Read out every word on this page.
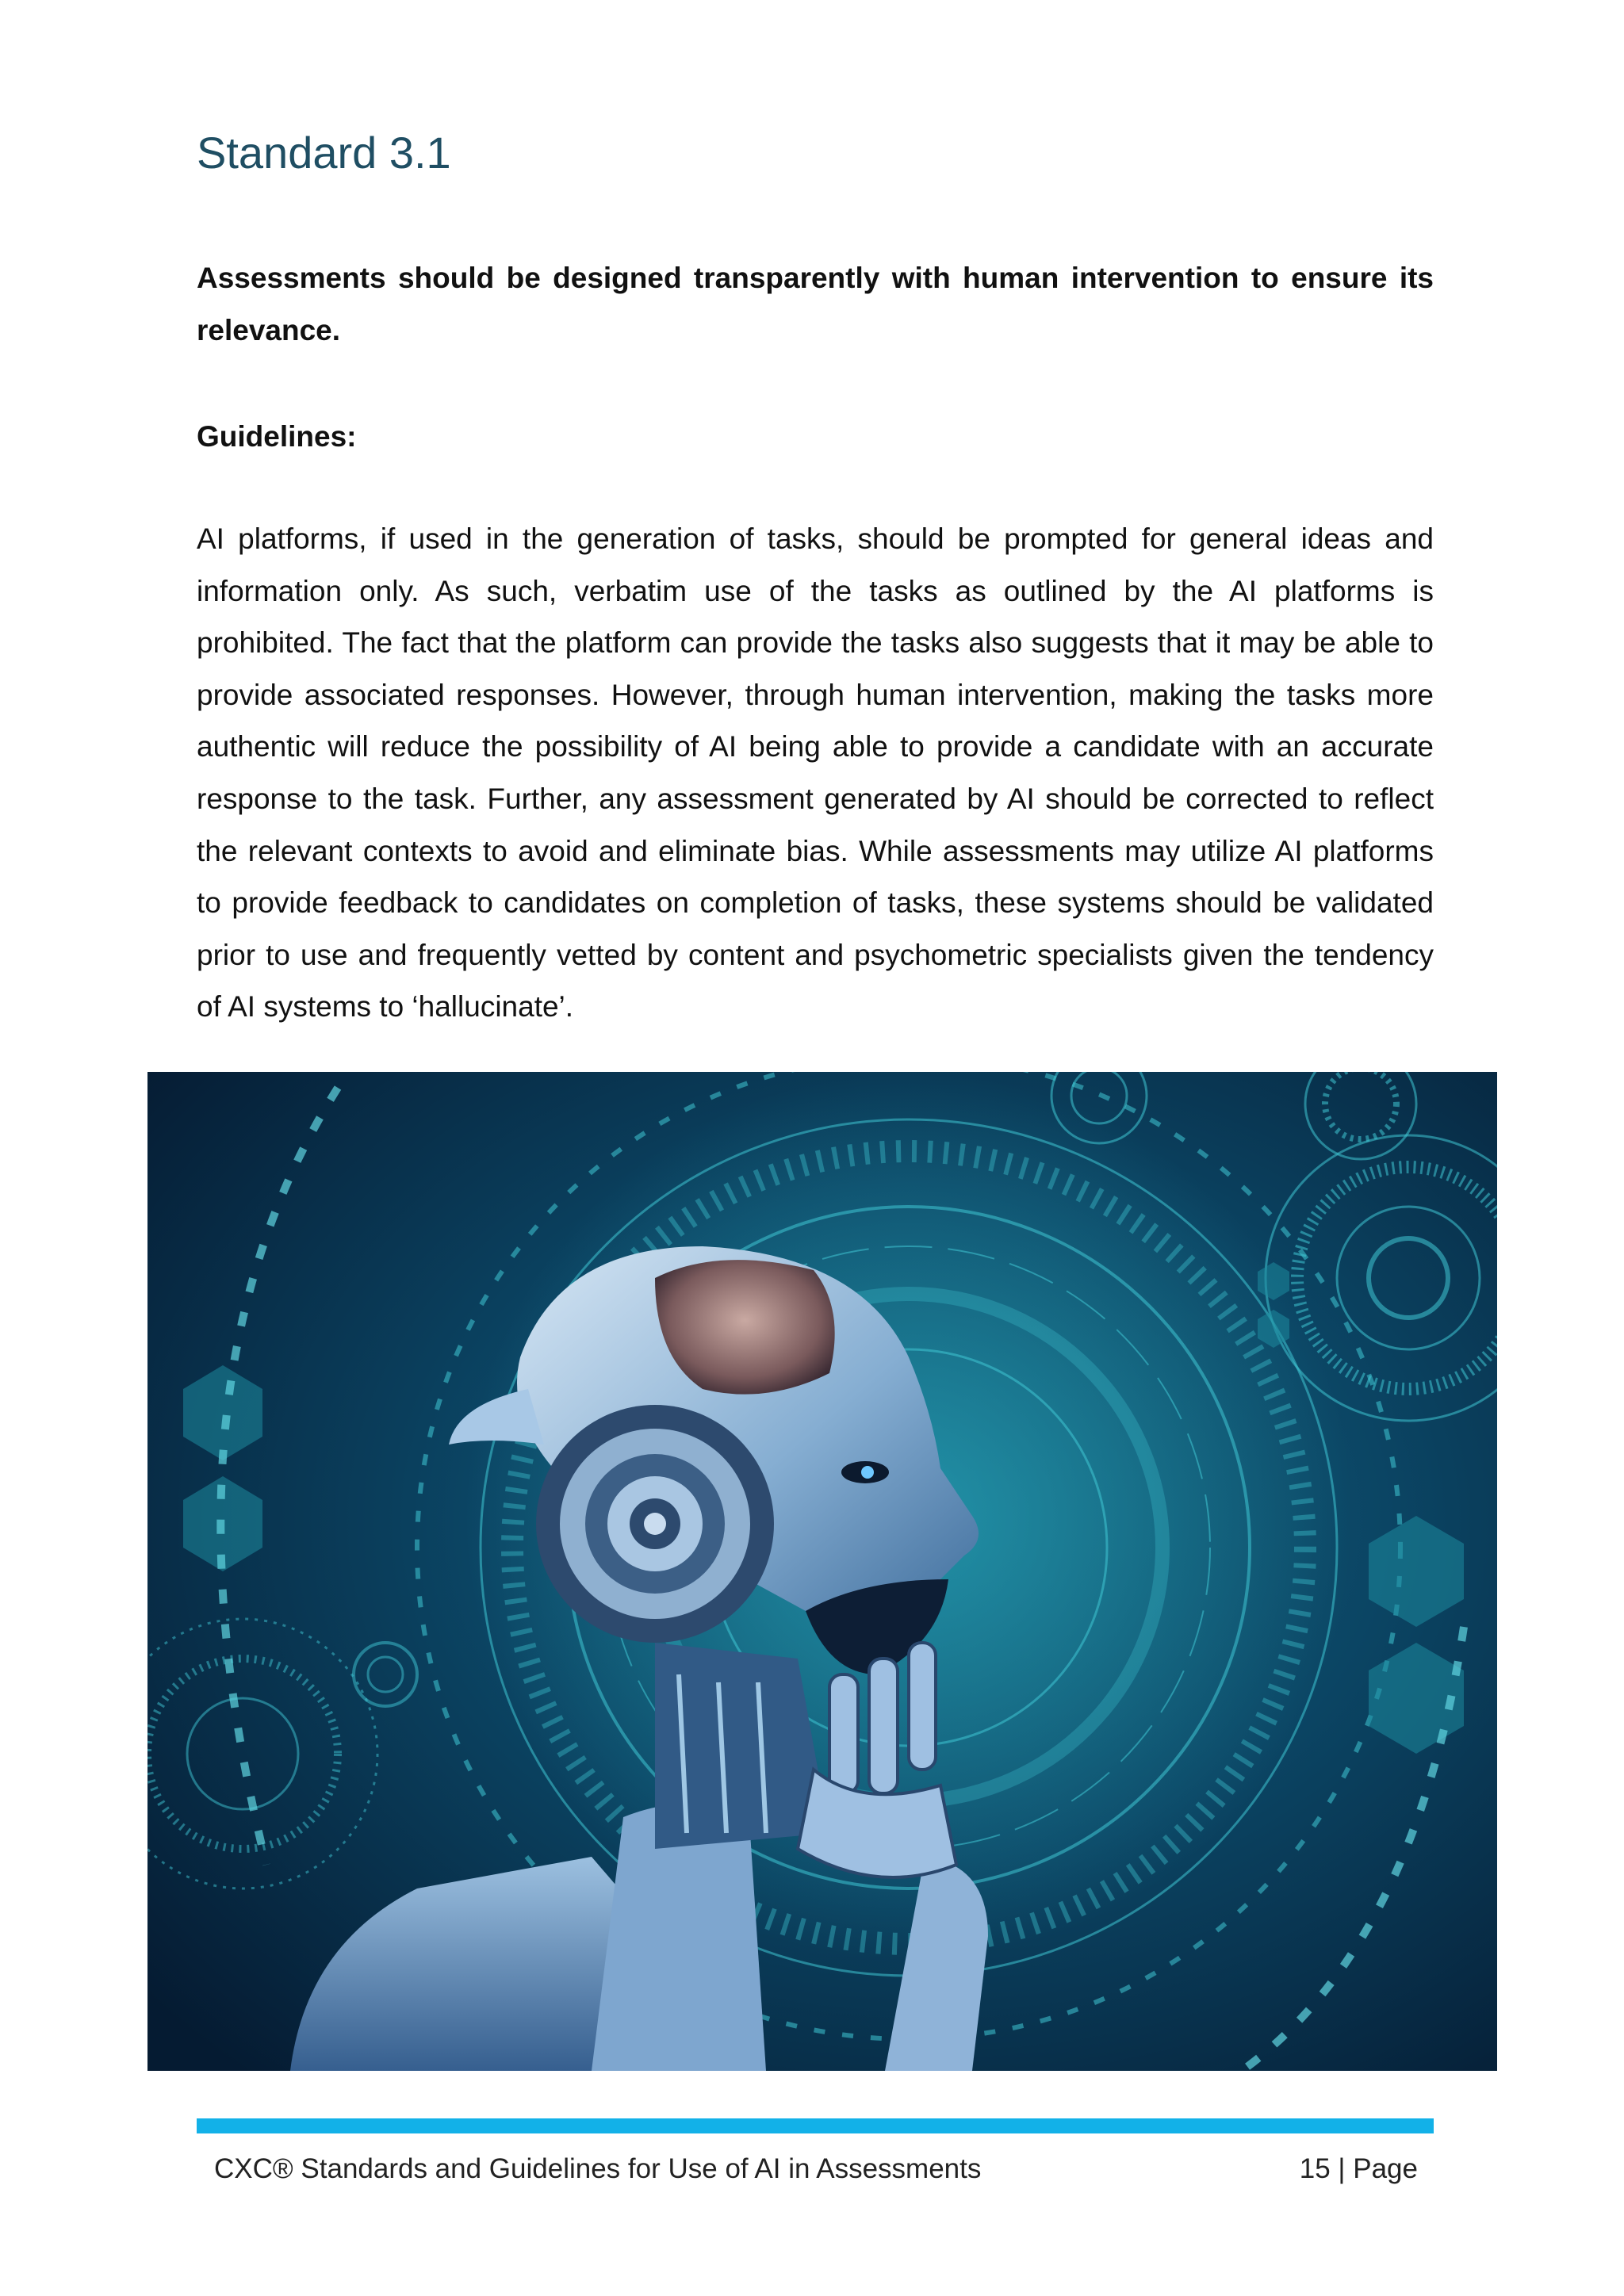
Standard 3.1

Assessments should be designed transparently with human intervention to ensure its relevance.

Guidelines:

AI platforms, if used in the generation of tasks, should be prompted for general ideas and information only. As such, verbatim use of the tasks as outlined by the AI platforms is prohibited. The fact that the platform can provide the tasks also suggests that it may be able to provide associated responses. However, through human intervention, making the tasks more authentic will reduce the possibility of AI being able to provide a candidate with an accurate response to the task. Further, any assessment generated by AI should be corrected to reflect the relevant contexts to avoid and eliminate bias. While assessments may utilize AI platforms to provide feedback to candidates on completion of tasks, these systems should be validated prior to use and frequently vetted by content and psychometric specialists given the tendency of AI systems to ‘hallucinate’.

CXC® Standards and Guidelines for Use of AI in Assessments	15 | Page
